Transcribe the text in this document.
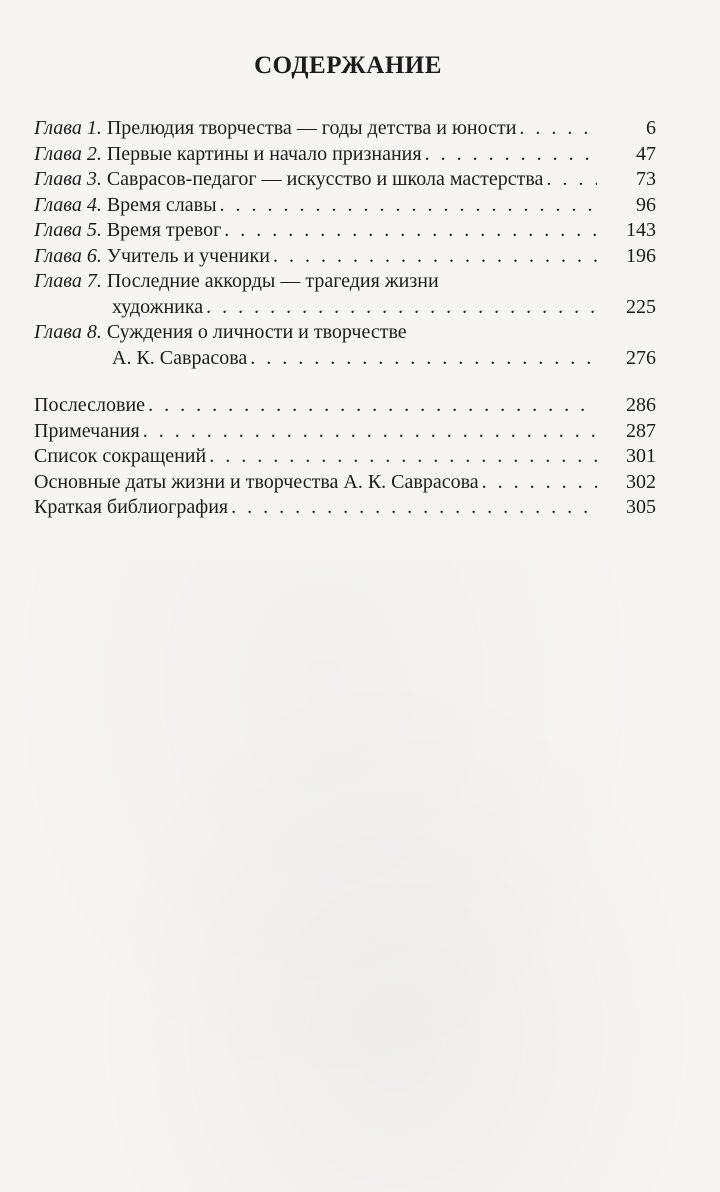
СОДЕРЖАНИЕ
Глава 1. Прелюдия творчества — годы детства и юности . . .	6
Глава 2. Первые картины и начало признания . . .	47
Глава 3. Саврасов-педагог — искусство и школа мастерства . . .	73
Глава 4. Время славы . . .	96
Глава 5. Время тревог . . .	143
Глава 6. Учитель и ученики . . .	196
Глава 7. Последние аккорды — трагедия жизни
художника . . .	225
Глава 8. Суждения о личности и творчестве
А. К. Саврасова . . .	276
Послесловие . . .	286
Примечания . . .	287
Список сокращений . . .	301
Основные даты жизни и творчества А. К. Саврасова . . .	302
Краткая библиография . . .	305
